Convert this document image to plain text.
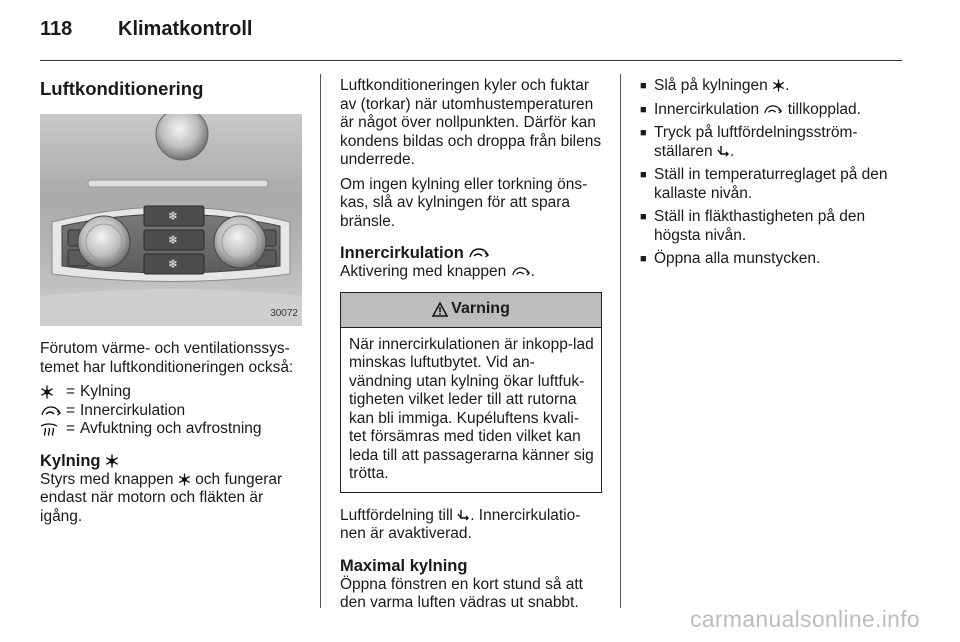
118 Klimatkontroll
Luftkonditionering
❄
❄
❄
30072

Förutom värme- och ventilationssys-temet har luftkonditioneringen också:

= Kylning
= Innercirkulation
= Avfuktning och avfrostning
Kylning

Styrs med knappen och fungerar endast när motorn och fläkten är igång.

Luftkonditioneringen kyler och fuktar av (torkar) när utomhustemperaturen är något över nollpunkten. Därför kan kondens bildas och droppa från bilens underrede.

Om ingen kylning eller torkning öns-kas, slå av kylningen för att spara bränsle.

Innercirkulation

Aktivering med knappen .

Varning
När innercirkulationen är inkopp-lad minskas luftutbytet. Vid an-vändning utan kylning ökar luftfuk-tigheten vilket leder till att rutorna kan bli immiga. Kupéluftens kvali-tet försämras med tiden vilket kan leda till att passagerarna känner sig trötta.

Luftfördelning till . Innercirkulatio-nen är avaktiverad.

Maximal kylning

Öppna fönstren en kort stund så att den varma luften vädras ut snabbt.

■ Slå på kylningen .
■ Innercirkulation tillkopplad.
■ Tryck på luftfördelningsström-ställaren .
■ Ställ in temperaturreglaget på den kallaste nivån.
■ Ställ in fläkthastigheten på den högsta nivån.
■ Öppna alla munstycken.
carmanualsonline.info
